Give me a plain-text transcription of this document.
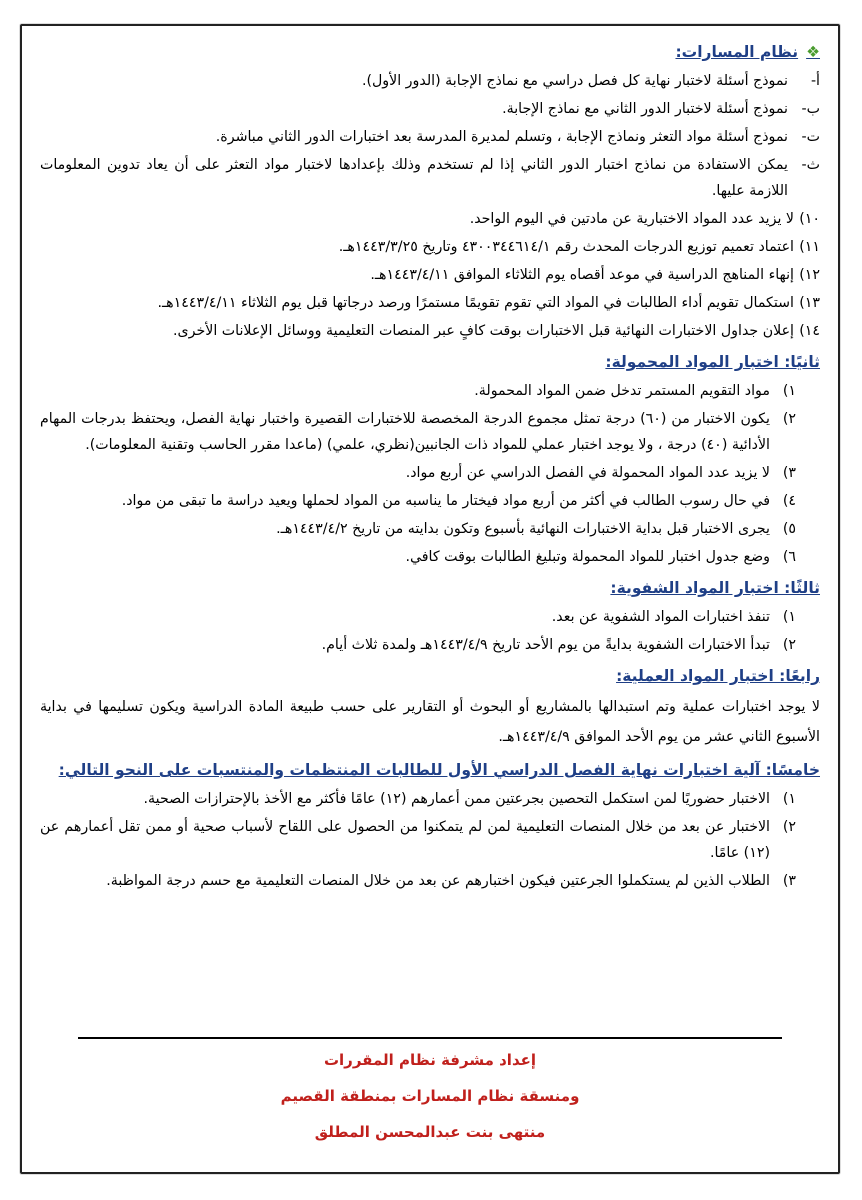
❖نظام المسارات:
أ-
نموذج أسئلة لاختبار نهاية كل فصل دراسي مع نماذج الإجابة (الدور الأول).
ب-
نموذج أسئلة لاختبار الدور الثاني مع نماذج الإجابة.
ت-
نموذج أسئلة مواد التعثر ونماذج الإجابة ، وتسلم لمديرة المدرسة بعد اختبارات الدور الثاني مباشرة.
ث-
يمكن الاستفادة من نماذج اختبار الدور الثاني إذا لم تستخدم وذلك بإعدادها لاختبار مواد التعثر على أن يعاد تدوين المعلومات اللازمة عليها.
١٠)
لا يزيد عدد المواد الاختبارية عن مادتين في اليوم الواحد.
١١)
اعتماد تعميم توزيع الدرجات المحدث رقم ٤٣٠٠٣٤٤٦١٤/١ وتاريخ ١٤٤٣/٣/٢٥هـ.
١٢)
إنهاء المناهج الدراسية في موعد أقصاه يوم الثلاثاء الموافق ١٤٤٣/٤/١١هـ.
١٣)
استكمال تقويم أداء الطالبات في المواد التي تقوم تقويمًا مستمرًا ورصد درجاتها قبل يوم الثلاثاء ١٤٤٣/٤/١١هـ.
١٤)
إعلان جداول الاختبارات النهائية قبل الاختبارات بوقت كافٍ عبر المنصات التعليمية ووسائل الإعلانات الأخرى.
ثانيًا: اختبار المواد المحمولة:
١)
مواد التقويم المستمر تدخل ضمن المواد المحمولة.
٢)
يكون الاختبار من (٦٠) درجة تمثل مجموع الدرجة المخصصة للاختبارات القصيرة واختبار نهاية الفصل، ويحتفظ بدرجات المهام الأدائية (٤٠) درجة ، ولا يوجد اختبار عملي للمواد ذات الجانبين(نظري، علمي) (ماعدا مقرر الحاسب وتقنية المعلومات).
٣)
لا يزيد عدد المواد المحمولة في الفصل الدراسي عن أربع مواد.
٤)
في حال رسوب الطالب في أكثر من أربع مواد فيختار ما يناسبه من المواد لحملها ويعيد دراسة ما تبقى من مواد.
٥)
يجرى الاختبار قبل بداية الاختبارات النهائية بأسبوع وتكون بدايته من تاريخ ١٤٤٣/٤/٢هـ.
٦)
وضع جدول اختبار للمواد المحمولة وتبليغ الطالبات بوقت كافي.
ثالثًا: اختبار المواد الشفوية:
١)
تنفذ اختبارات المواد الشفوية عن بعد.
٢)
تبدأ الاختبارات الشفوية بدايةً من يوم الأحد تاريخ ١٤٤٣/٤/٩هـ ولمدة ثلاث أيام.
رابعًا: اختبار المواد العملية:
لا يوجد اختبارات عملية وتم استبدالها بالمشاريع أو البحوث أو التقارير على حسب طبيعة المادة الدراسية ويكون تسليمها في بداية الأسبوع الثاني عشر من يوم الأحد الموافق ١٤٤٣/٤/٩هـ.
خامسًا: آلية اختبارات نهاية الفصل الدراسي الأول للطالبات المنتظمات والمنتسبات على النحو التالي:
١)
الاختبار حضوريًا لمن استكمل التحصين بجرعتين ممن أعمارهم (١٢) عامًا فأكثر مع الأخذ بالإحترازات الصحية.
٢)
الاختبار عن بعد من خلال المنصات التعليمية لمن لم يتمكنوا من الحصول على اللقاح لأسباب صحية أو ممن تقل أعمارهم عن (١٢) عامًا.
٣)
الطلاب الذين لم يستكملوا الجرعتين فيكون اختبارهم عن بعد من خلال المنصات التعليمية مع حسم درجة المواظبة.
إعداد مشرفة نظام المقررات
ومنسقة نظام المسارات بمنطقة القصيم
منتهى بنت عبدالمحسن المطلق
